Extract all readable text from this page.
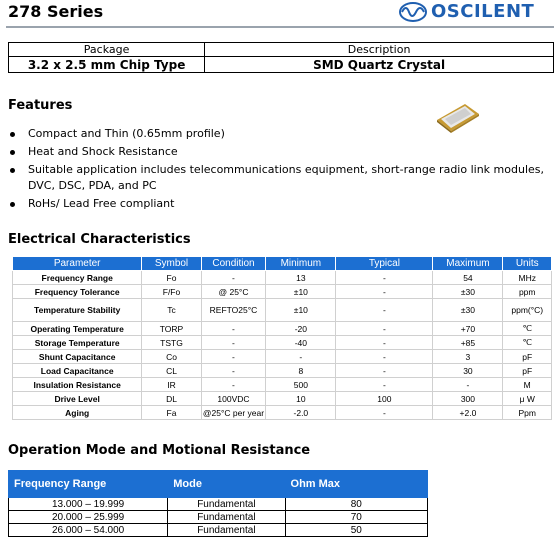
278 Series	OSCILENT
Package	Description
3.2 x 2.5 mm Chip Type	SMD Quartz Crystal
Features
Compact and Thin (0.65mm profile)
Heat and Shock Resistance
Suitable application includes telecommunications equipment, short-range radio link modules, DVC, DSC, PDA, and PC
RoHs/ Lead Free compliant
Electrical Characteristics
Parameter	Symbol	Condition	Minimum	Typical	Maximum	Units
Frequency Range	Fo	-	13	-	54	MHz
Frequency Tolerance	F/Fo	@ 25°C	±10	-	±30	ppm
Temperature Stability	Tc	REFTO25°C	±10	-	±30	ppm(°C)
Operating Temperature	TORP	-	-20	-	+70	℃
Storage Temperature	TSTG	-	-40	-	+85	℃
Shunt Capacitance	Co	-	-	-	3	pF
Load Capacitance	CL	-	8	-	30	pF
Insulation Resistance	IR	-	500	-	-	M
Drive Level	DL	100VDC	10	100	300	μ W
Aging	Fa	@25°C per year	-2.0	-	+2.0	Ppm
Operation Mode and Motional Resistance
Frequency Range	Mode	Ohm Max
13.000 – 19.999	Fundamental	80
20.000 – 25.999	Fundamental	70
26.000 – 54.000	Fundamental	50
